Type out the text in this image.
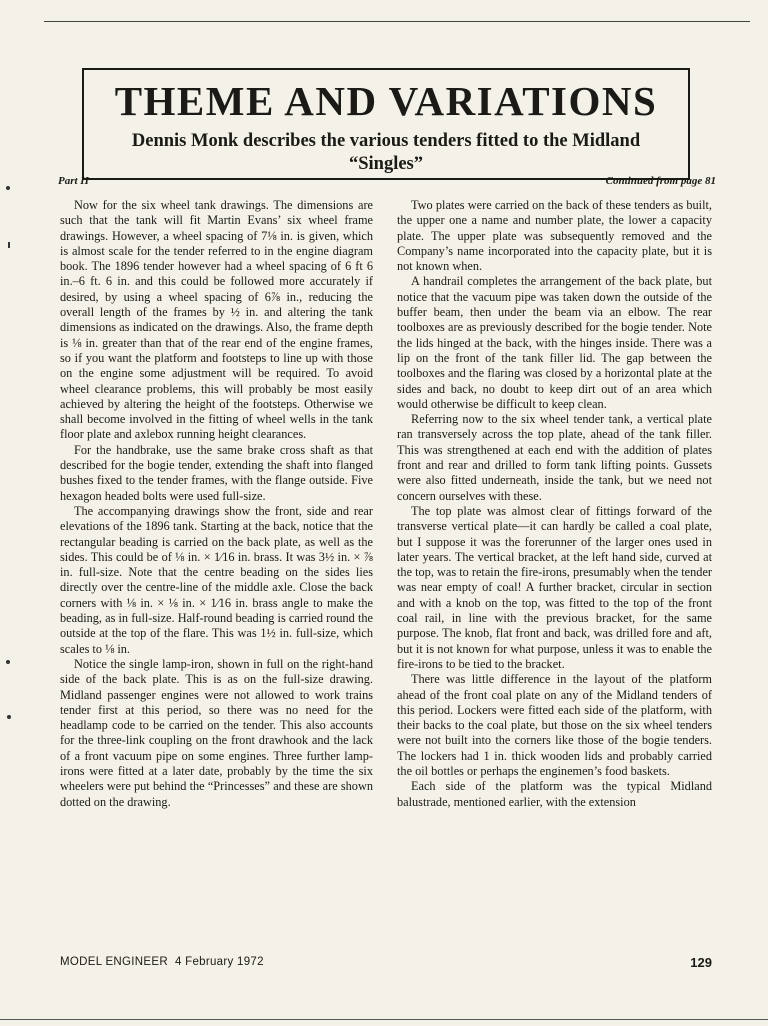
THEME AND VARIATIONS
Dennis Monk describes the various tenders fitted to the Midland “Singles”
Part II	Continued from page 81

Now for the six wheel tank drawings. The dimensions are such that the tank will fit Martin Evans’ six wheel frame drawings. However, a wheel spacing of 7⅛ in. is given, which is almost scale for the tender referred to in the engine diagram book. The 1896 tender however had a wheel spacing of 6 ft 6 in.–6 ft. 6 in. and this could be followed more accurately if desired, by using a wheel spacing of 6⅞ in., reducing the overall length of the frames by ½ in. and altering the tank dimensions as indicated on the drawings. Also, the frame depth is ⅛ in. greater than that of the rear end of the engine frames, so if you want the platform and footsteps to line up with those on the engine some adjustment will be required. To avoid wheel clearance problems, this will probably be most easily achieved by altering the height of the footsteps. Otherwise we shall become involved in the fitting of wheel wells in the tank floor plate and axlebox running height clearances.

For the handbrake, use the same brake cross shaft as that described for the bogie tender, extending the shaft into flanged bushes fixed to the tender frames, with the flange outside. Five hexagon headed bolts were used full-size.

The accompanying drawings show the front, side and rear elevations of the 1896 tank. Starting at the back, notice that the rectangular beading is carried on the back plate, as well as the sides. This could be of ⅛ in. × 1⁄16 in. brass. It was 3½ in. × ⅞ in. full-size. Note that the centre beading on the sides lies directly over the centre-line of the middle axle. Close the back corners with ⅛ in. × ⅛ in. × 1⁄16 in. brass angle to make the beading, as in full-size. Half-round beading is carried round the outside at the top of the flare. This was 1½ in. full-size, which scales to ⅛ in.

Notice the single lamp-iron, shown in full on the right-hand side of the back plate. This is as on the full-size drawing. Midland passenger engines were not allowed to work trains tender first at this period, so there was no need for the headlamp code to be carried on the tender. This also accounts for the three-link coupling on the front drawhook and the lack of a front vacuum pipe on some engines. Three further lamp-irons were fitted at a later date, probably by the time the six wheelers were put behind the “Princesses” and these are shown dotted on the drawing.

Two plates were carried on the back of these tenders as built, the upper one a name and number plate, the lower a capacity plate. The upper plate was subsequently removed and the Company’s name incorporated into the capacity plate, but it is not known when.

A handrail completes the arrangement of the back plate, but notice that the vacuum pipe was taken down the outside of the buffer beam, then under the beam via an elbow. The rear toolboxes are as previously described for the bogie tender. Note the lids hinged at the back, with the hinges inside. There was a lip on the front of the tank filler lid. The gap between the toolboxes and the flaring was closed by a horizontal plate at the sides and back, no doubt to keep dirt out of an area which would otherwise be difficult to keep clean.

Referring now to the six wheel tender tank, a vertical plate ran transversely across the top plate, ahead of the tank filler. This was strengthened at each end with the addition of plates front and rear and drilled to form tank lifting points. Gussets were also fitted underneath, inside the tank, but we need not concern ourselves with these.

The top plate was almost clear of fittings forward of the transverse vertical plate—it can hardly be called a coal plate, but I suppose it was the forerunner of the larger ones used in later years. The vertical bracket, at the left hand side, curved at the top, was to retain the fire-irons, presumably when the tender was near empty of coal! A further bracket, circular in section and with a knob on the top, was fitted to the top of the front coal rail, in line with the previous bracket, for the same purpose. The knob, flat front and back, was drilled fore and aft, but it is not known for what purpose, unless it was to enable the fire-irons to be tied to the bracket.

There was little difference in the layout of the platform ahead of the front coal plate on any of the Midland tenders of this period. Lockers were fitted each side of the platform, with their backs to the coal plate, but those on the six wheel tenders were not built into the corners like those of the bogie tenders. The lockers had 1 in. thick wooden lids and probably carried the oil bottles or perhaps the enginemen’s food baskets.

Each side of the platform was the typical Midland balustrade, mentioned earlier, with the extension

MODEL ENGINEER 4 February 1972	129
